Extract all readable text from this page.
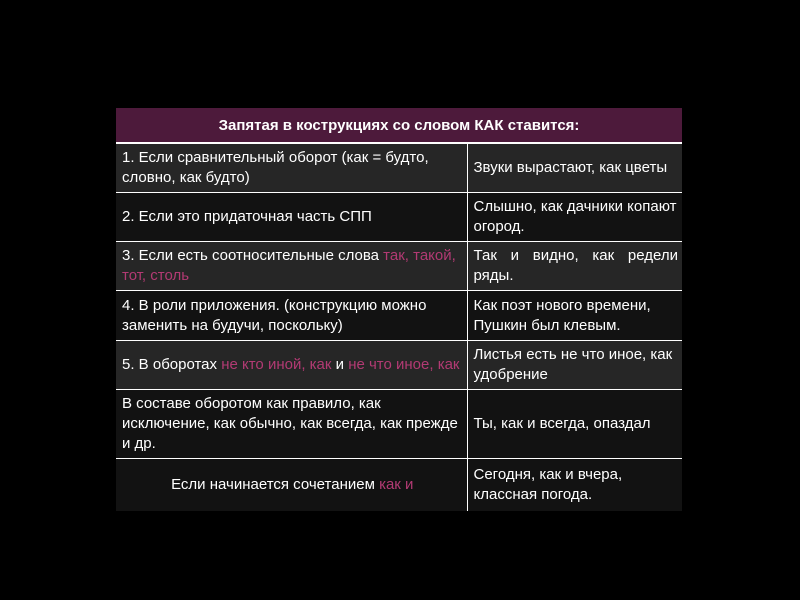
Запятая в кострукциях со словом КАК ставится:	
1. Если сравнительный оборот (как = будто, словно, как будто)	Звуки вырастают, как цветы
2. Если это придаточная часть СПП	Слышно, как дачники копают огород.
3. Если есть соотносительные слова так, такой, тот, столь	Так и видно, как редели ряды.
4. В роли приложения. (конструкцию можно заменить на будучи, поскольку)	Как поэт нового времени, Пушкин был клевым.
5. В оборотах не кто иной, как и не что иное, как	Листья есть не что иное, как удобрение
В составе оборотом как правило, как исключение, как обычно, как всегда, как прежде и др.	Ты, как и всегда, опаздал
Если начинается сочетанием как и	Сегодня, как и вчера, классная погода.
